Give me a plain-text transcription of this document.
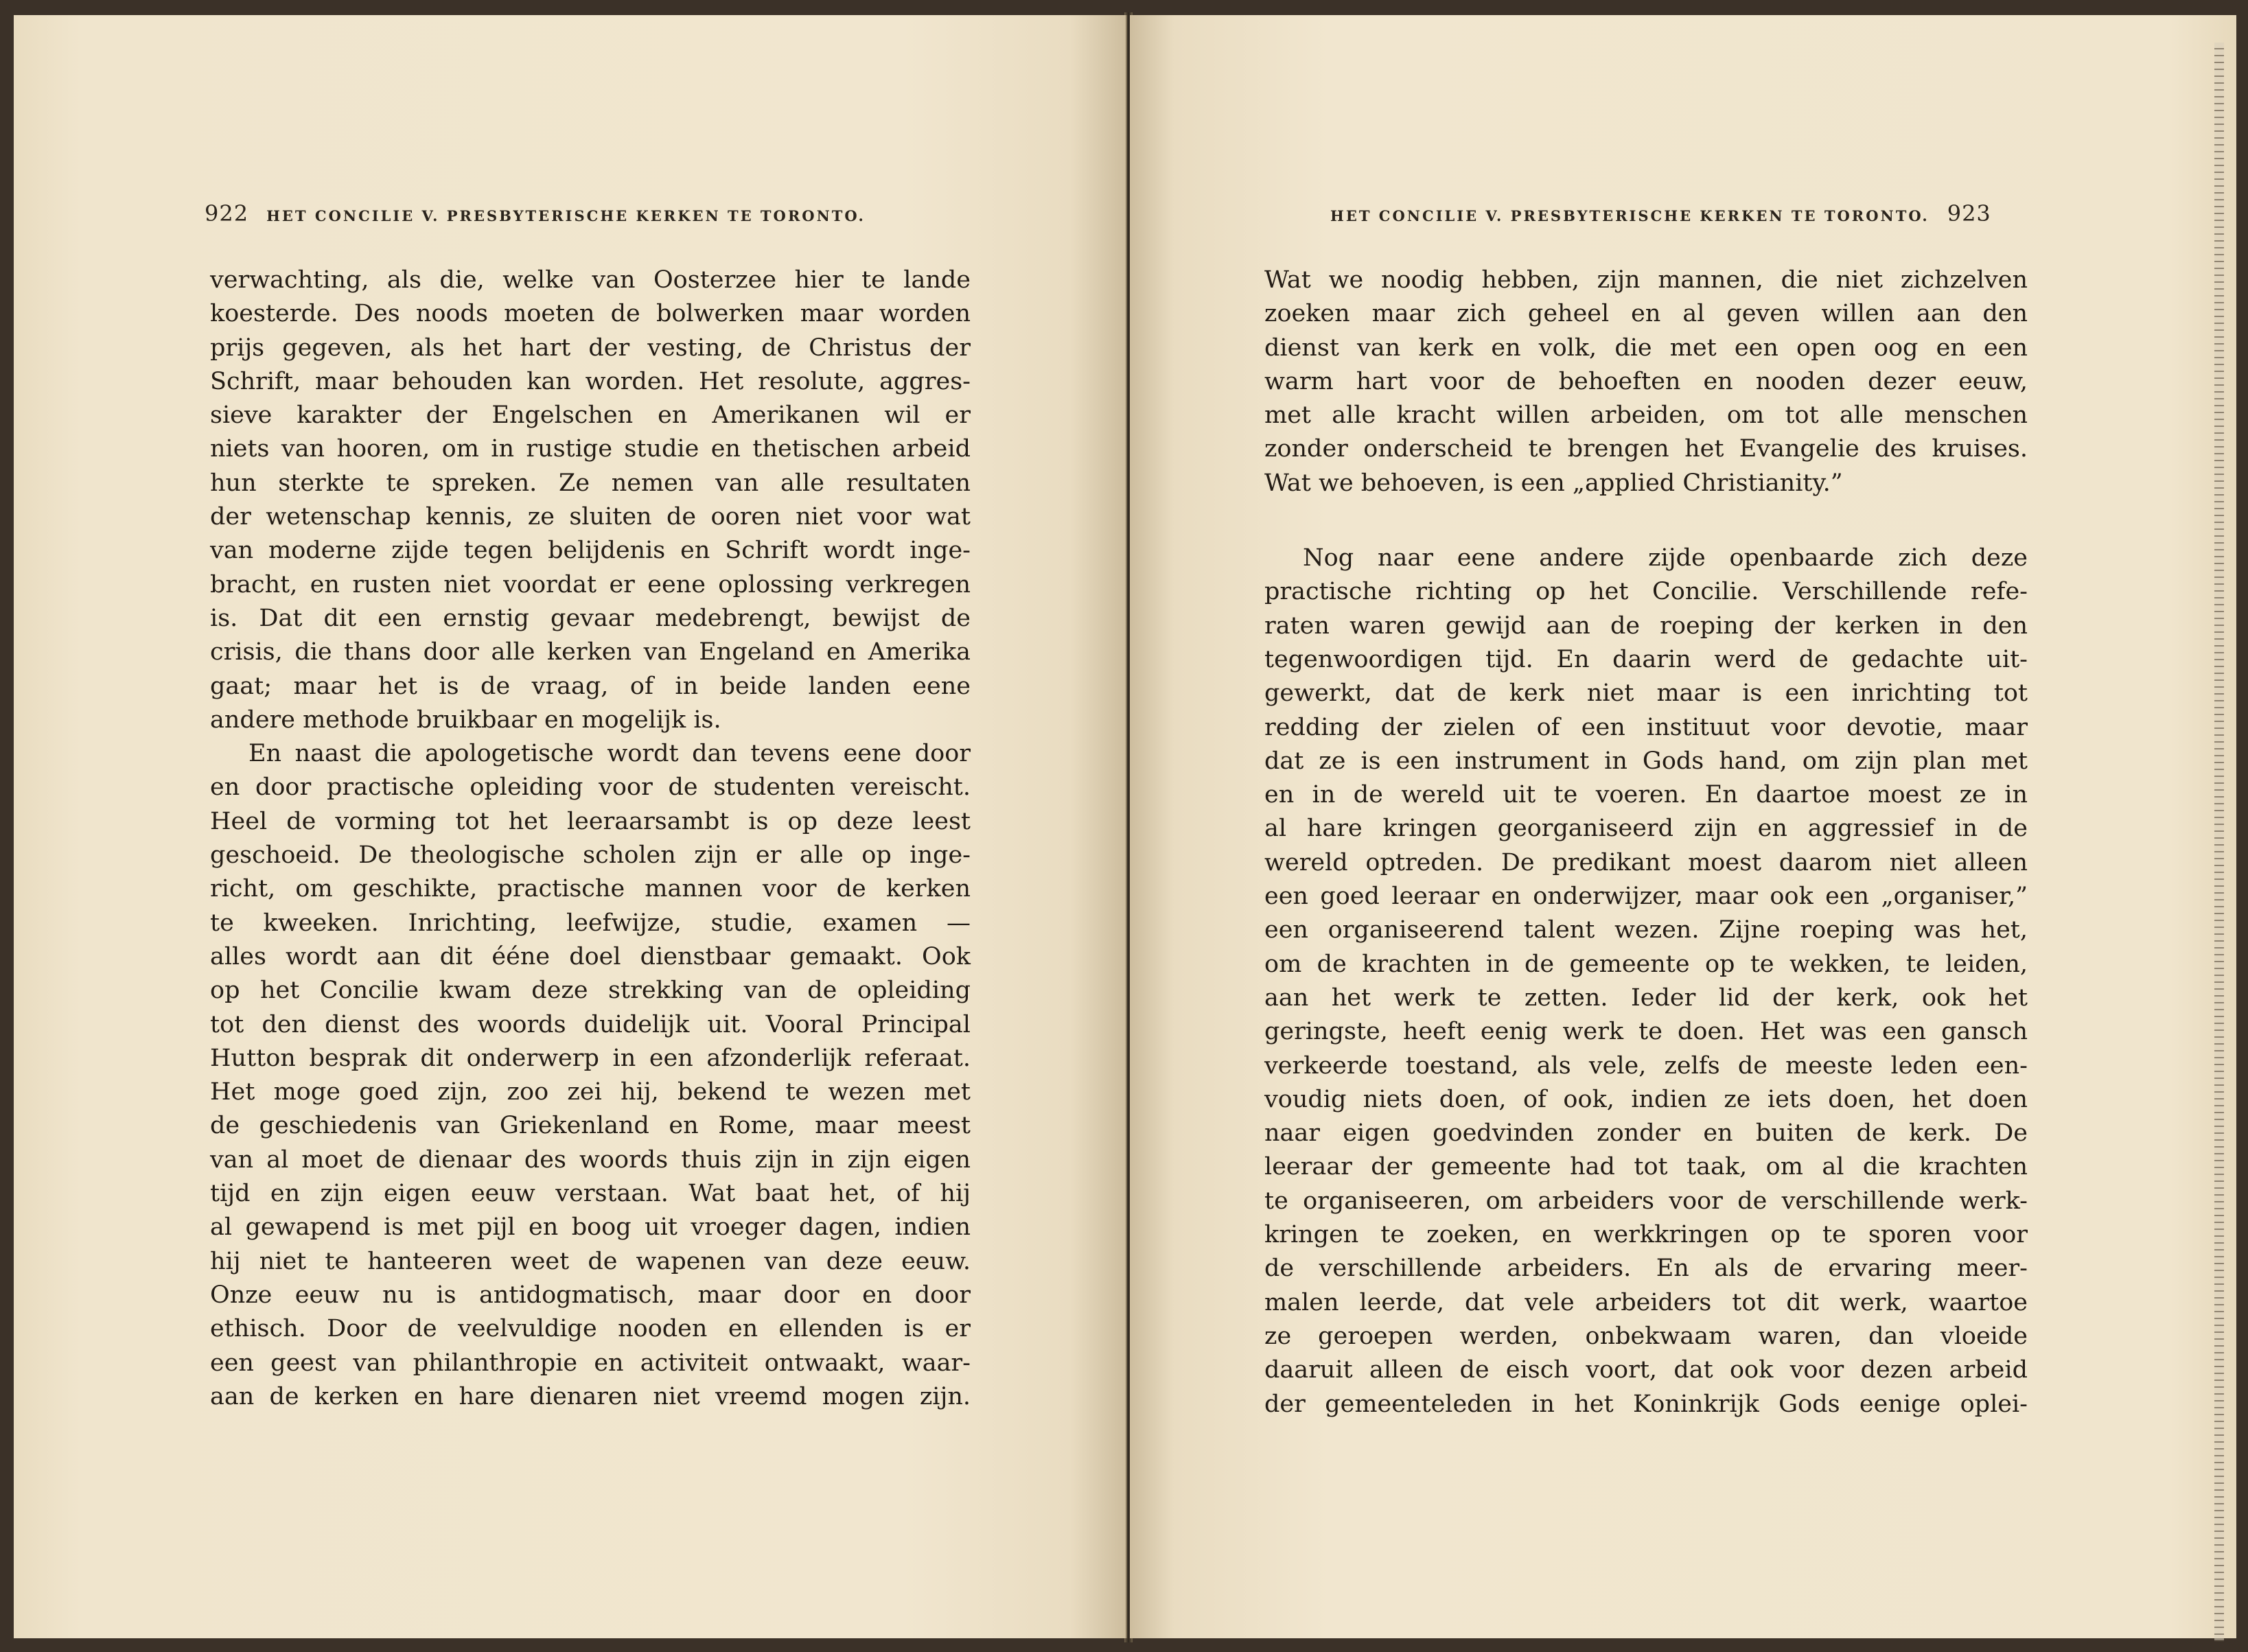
922 HET CONCILIE V. PRESBYTERISCHE KERKEN TE TORONTO.
verwachting, als die, welke van Oosterzee hier te lande
koesterde. Des noods moeten de bolwerken maar worden
prijs gegeven, als het hart der vesting, de Christus der
Schrift, maar behouden kan worden. Het resolute, aggres-
sieve karakter der Engelschen en Amerikanen wil er
niets van hooren, om in rustige studie en thetischen arbeid
hun sterkte te spreken. Ze nemen van alle resultaten
der wetenschap kennis, ze sluiten de ooren niet voor wat
van moderne zijde tegen belijdenis en Schrift wordt inge-
bracht, en rusten niet voordat er eene oplossing verkregen
is. Dat dit een ernstig gevaar medebrengt, bewijst de
crisis, die thans door alle kerken van Engeland en Amerika
gaat; maar het is de vraag, of in beide landen eene
andere methode bruikbaar en mogelijk is.
En naast die apologetische wordt dan tevens eene door
en door practische opleiding voor de studenten vereischt.
Heel de vorming tot het leeraarsambt is op deze leest
geschoeid. De theologische scholen zijn er alle op inge-
richt, om geschikte, practische mannen voor de kerken
te kweeken. Inrichting, leefwijze, studie, examen —
alles wordt aan dit ééne doel dienstbaar gemaakt. Ook
op het Concilie kwam deze strekking van de opleiding
tot den dienst des woords duidelijk uit. Vooral Principal
Hutton besprak dit onderwerp in een afzonderlijk referaat.
Het moge goed zijn, zoo zei hij, bekend te wezen met
de geschiedenis van Griekenland en Rome, maar meest
van al moet de dienaar des woords thuis zijn in zijn eigen
tijd en zijn eigen eeuw verstaan. Wat baat het, of hij
al gewapend is met pijl en boog uit vroeger dagen, indien
hij niet te hanteeren weet de wapenen van deze eeuw.
Onze eeuw nu is antidogmatisch, maar door en door
ethisch. Door de veelvuldige nooden en ellenden is er
een geest van philanthropie en activiteit ontwaakt, waar-
aan de kerken en hare dienaren niet vreemd mogen zijn.
HET CONCILIE V. PRESBYTERISCHE KERKEN TE TORONTO. 923
Wat we noodig hebben, zijn mannen, die niet zichzelven
zoeken maar zich geheel en al geven willen aan den
dienst van kerk en volk, die met een open oog en een
warm hart voor de behoeften en nooden dezer eeuw,
met alle kracht willen arbeiden, om tot alle menschen
zonder onderscheid te brengen het Evangelie des kruises.
Wat we behoeven, is een „applied Christianity.”
Nog naar eene andere zijde openbaarde zich deze
practische richting op het Concilie. Verschillende refe-
raten waren gewijd aan de roeping der kerken in den
tegenwoordigen tijd. En daarin werd de gedachte uit-
gewerkt, dat de kerk niet maar is een inrichting tot
redding der zielen of een instituut voor devotie, maar
dat ze is een instrument in Gods hand, om zijn plan met
en in de wereld uit te voeren. En daartoe moest ze in
al hare kringen georganiseerd zijn en aggressief in de
wereld optreden. De predikant moest daarom niet alleen
een goed leeraar en onderwijzer, maar ook een „organiser,”
een organiseerend talent wezen. Zijne roeping was het,
om de krachten in de gemeente op te wekken, te leiden,
aan het werk te zetten. Ieder lid der kerk, ook het
geringste, heeft eenig werk te doen. Het was een gansch
verkeerde toestand, als vele, zelfs de meeste leden een-
voudig niets doen, of ook, indien ze iets doen, het doen
naar eigen goedvinden zonder en buiten de kerk. De
leeraar der gemeente had tot taak, om al die krachten
te organiseeren, om arbeiders voor de verschillende werk-
kringen te zoeken, en werkkringen op te sporen voor
de verschillende arbeiders. En als de ervaring meer-
malen leerde, dat vele arbeiders tot dit werk, waartoe
ze geroepen werden, onbekwaam waren, dan vloeide
daaruit alleen de eisch voort, dat ook voor dezen arbeid
der gemeenteleden in het Koninkrijk Gods eenige oplei-
